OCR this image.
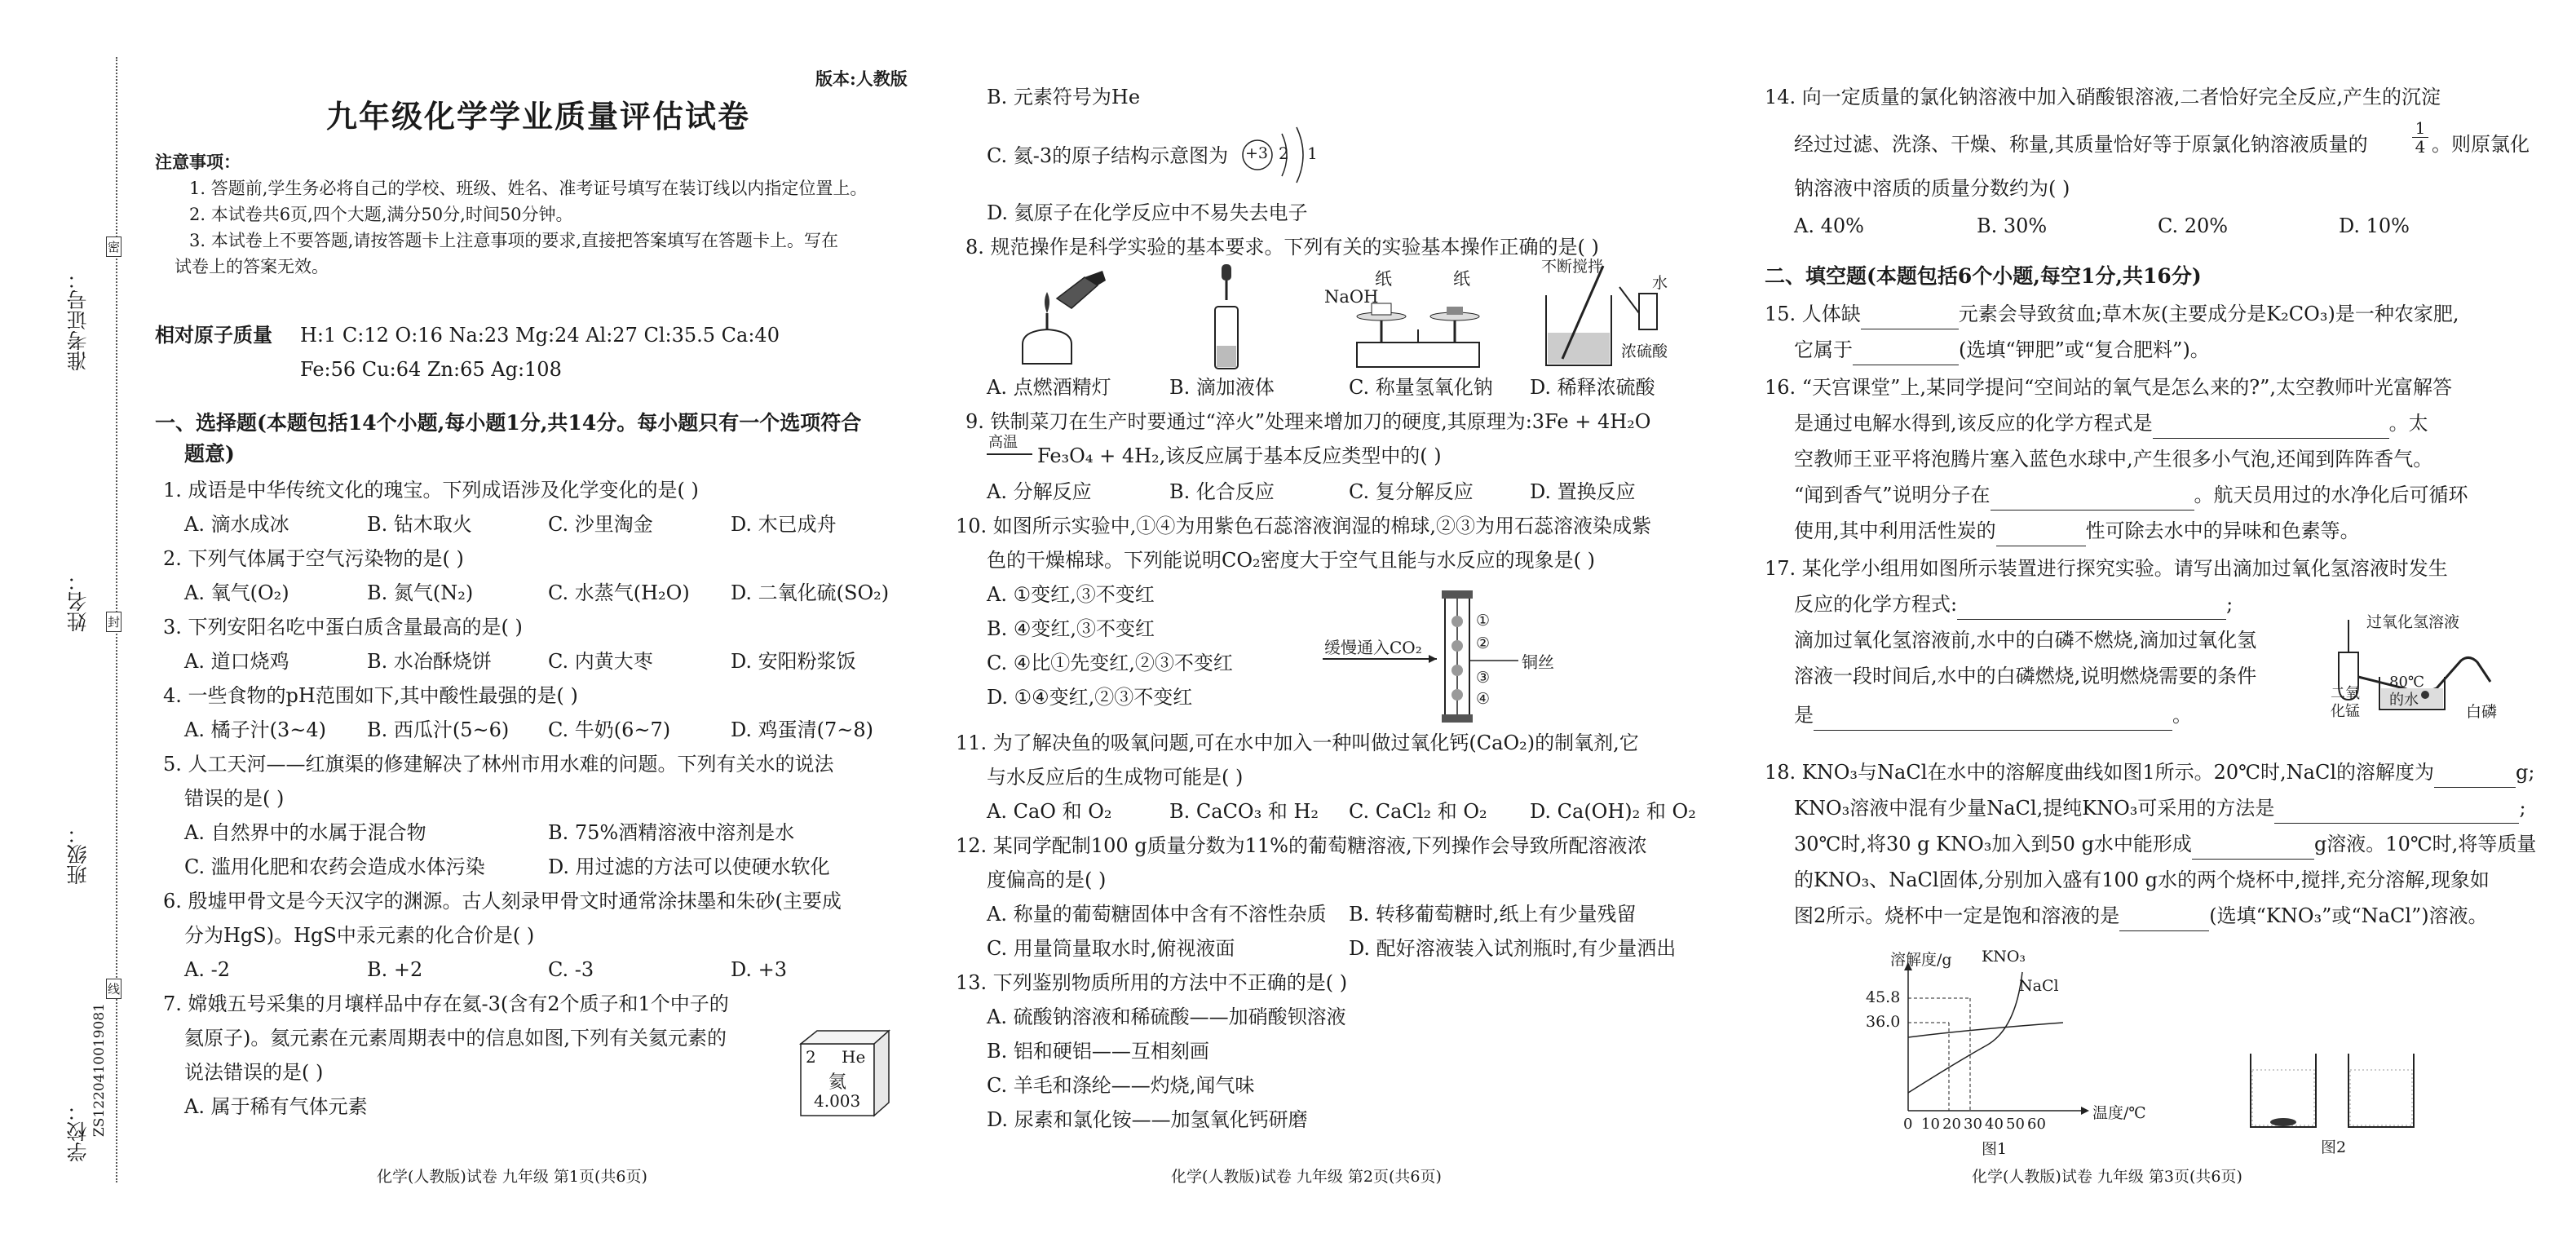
准考证号：
姓名：
班级：
学校： ZS1220410019081
密
封
线
版本:人教版
九年级化学学业质量评估试卷
注意事项：
1. 答题前,学生务必将自己的学校、班级、姓名、准考证号填写在装订线以内指定位置上。
2. 本试卷共6页,四个大题,满分50分,时间50分钟。
3. 本试卷上不要答题,请按答题卡上注意事项的要求,直接把答案填写在答题卡上。写在
试卷上的答案无效。
相对原子质量 H:1 C:12 O:16 Na:23 Mg:24 Al:27 Cl:35.5 Ca:40
Fe:56 Cu:64 Zn:65 Ag:108
一、选择题(本题包括14个小题,每小题1分,共14分。每小题只有一个选项符合
题意)
1. 成语是中华传统文化的瑰宝。下列成语涉及化学变化的是( )
A. 滴水成冰	B. 钻木取火	C. 沙里淘金	D. 木已成舟
2. 下列气体属于空气污染物的是( )
A. 氧气(O₂)	B. 氮气(N₂)	C. 水蒸气(H₂O) D. 二氧化硫(SO₂)
3. 下列安阳名吃中蛋白质含量最高的是( )
A. 道口烧鸡	B. 水冶酥烧饼	C. 内黄大枣	D. 安阳粉浆饭
4. 一些食物的pH范围如下,其中酸性最强的是( )
A. 橘子汁(3~4) B. 西瓜汁(5~6) C. 牛奶(6~7)	D. 鸡蛋清(7~8)
5. 人工天河——红旗渠的修建解决了林州市用水难的问题。下列有关水的说法
错误的是( )
A. 自然界中的水属于混合物	B. 75%酒精溶液中溶剂是水
C. 滥用化肥和农药会造成水体污染	D. 用过滤的方法可以使硬水软化
6. 殷墟甲骨文是今天汉字的渊源。古人刻录甲骨文时通常涂抹墨和朱砂(主要成
分为HgS)。HgS中汞元素的化合价是( )
A. -2	B. +2	C. -3	D. +3
7. 嫦娥五号采集的月壤样品中存在氦-3(含有2个质子和1个中子的
氦原子)。氦元素在元素周期表中的信息如图,下列有关氦元素的
说法错误的是( )
A. 属于稀有气体元素
2 He
氦
4.003
化学(人教版)试卷 九年级 第1页(共6页)
B. 元素符号为He
C. 氦-3的原子结构示意图为 +3 2 1
D. 氦原子在化学反应中不易失去电子
8. 规范操作是科学实验的基本要求。下列有关的实验基本操作正确的是( )
NaOH
纸	纸
不断搅拌
水
浓硫酸
A. 点燃酒精灯	B. 滴加液体	C. 称量氢氧化钠 D. 稀释浓硫酸
9. 铁制菜刀在生产时要通过“淬火”处理来增加刀的硬度,其原理为:3Fe + 4H₂O
高温
Fe₃O₄ + 4H₂,该反应属于基本反应类型中的( )
A. 分解反应	B. 化合反应	C. 复分解反应	D. 置换反应
10. 如图所示实验中,①④为用紫色石蕊溶液润湿的棉球,②③为用石蕊溶液染成紫
色的干燥棉球。下列能说明CO₂密度大于空气且能与水反应的现象是( )
A. ①变红,③不变红
B. ④变红,③不变红
C. ④比①先变红,②③不变红
D. ①④变红,②③不变红
缓慢通入CO₂
铜丝
①
②
③
④
11. 为了解决鱼的吸氧问题,可在水中加入一种叫做过氧化钙(CaO₂)的制氧剂,它
与水反应后的生成物可能是( )
A. CaO 和 O₂	B. CaCO₃ 和 H₂ C. CaCl₂ 和 O₂ D. Ca(OH)₂ 和 O₂
12. 某同学配制100 g质量分数为11%的葡萄糖溶液,下列操作会导致所配溶液浓
度偏高的是( )
A. 称量的葡萄糖固体中含有不溶性杂质 B. 转移葡萄糖时,纸上有少量残留
C. 用量筒量取水时,俯视液面	D. 配好溶液装入试剂瓶时,有少量洒出
13. 下列鉴别物质所用的方法中不正确的是( )
A. 硫酸钠溶液和稀硫酸——加硝酸钡溶液
B. 铝和硬铝——互相刻画
C. 羊毛和涤纶——灼烧,闻气味
D. 尿素和氯化铵——加氢氧化钙研磨
化学(人教版)试卷 九年级 第2页(共6页)
14. 向一定质量的氯化钠溶液中加入硝酸银溶液,二者恰好完全反应,产生的沉淀
经过过滤、洗涤、干燥、称量,其质量恰好等于原氯化钠溶液质量的	$\frac{1}{4}$ 。则原氯化
钠溶液中溶质的质量分数约为( )
A. 40%	B. 30%	C. 20%	D. 10%
二、填空题(本题包括6个小题,每空1分,共16分)
15. 人体缺	元素会导致贫血;草木灰(主要成分是K₂CO₃)是一种农家肥,
它属于	(选填“钾肥”或“复合肥料”)。
16. “天宫课堂”上,某同学提问“空间站的氧气是怎么来的?”,太空教师叶光富解答
是通过电解水得到,该反应的化学方程式是	。太
空教师王亚平将泡腾片塞入蓝色水球中,产生很多小气泡,还闻到阵阵香气。
“闻到香气”说明分子在	。航天员用过的水净化后可循环
使用,其中利用活性炭的	性可除去水中的异味和色素等。
17. 某化学小组用如图所示装置进行探究实验。请写出滴加过氧化氢溶液时发生
反应的化学方程式:	;
滴加过氧化氢溶液前,水中的白磷不燃烧,滴加过氧化氢
溶液一段时间后,水中的白磷燃烧,说明燃烧需要的条件
是	。
过氧化氢溶液
二氧化锰
80℃的水
白磷
18. KNO₃与NaCl在水中的溶解度曲线如图1所示。20℃时,NaCl的溶解度为	g;
KNO₃溶液中混有少量NaCl,提纯KNO₃可采用的方法是	;
30℃时,将30 g KNO₃加入到50 g水中能形成	g溶液。10℃时,将等质量
的KNO₃、NaCl固体,分别加入盛有100 g水的两个烧杯中,搅拌,充分溶解,现象如
图2所示。烧杯中一定是饱和溶液的是	(选填“KNO₃”或“NaCl”)溶液。
溶解度/g KNO₃
NaCl
45.8
36.0
温度/℃
0 10 20 30 40 50 60
图1	图2
化学(人教版)试卷 九年级 第3页(共6页)
